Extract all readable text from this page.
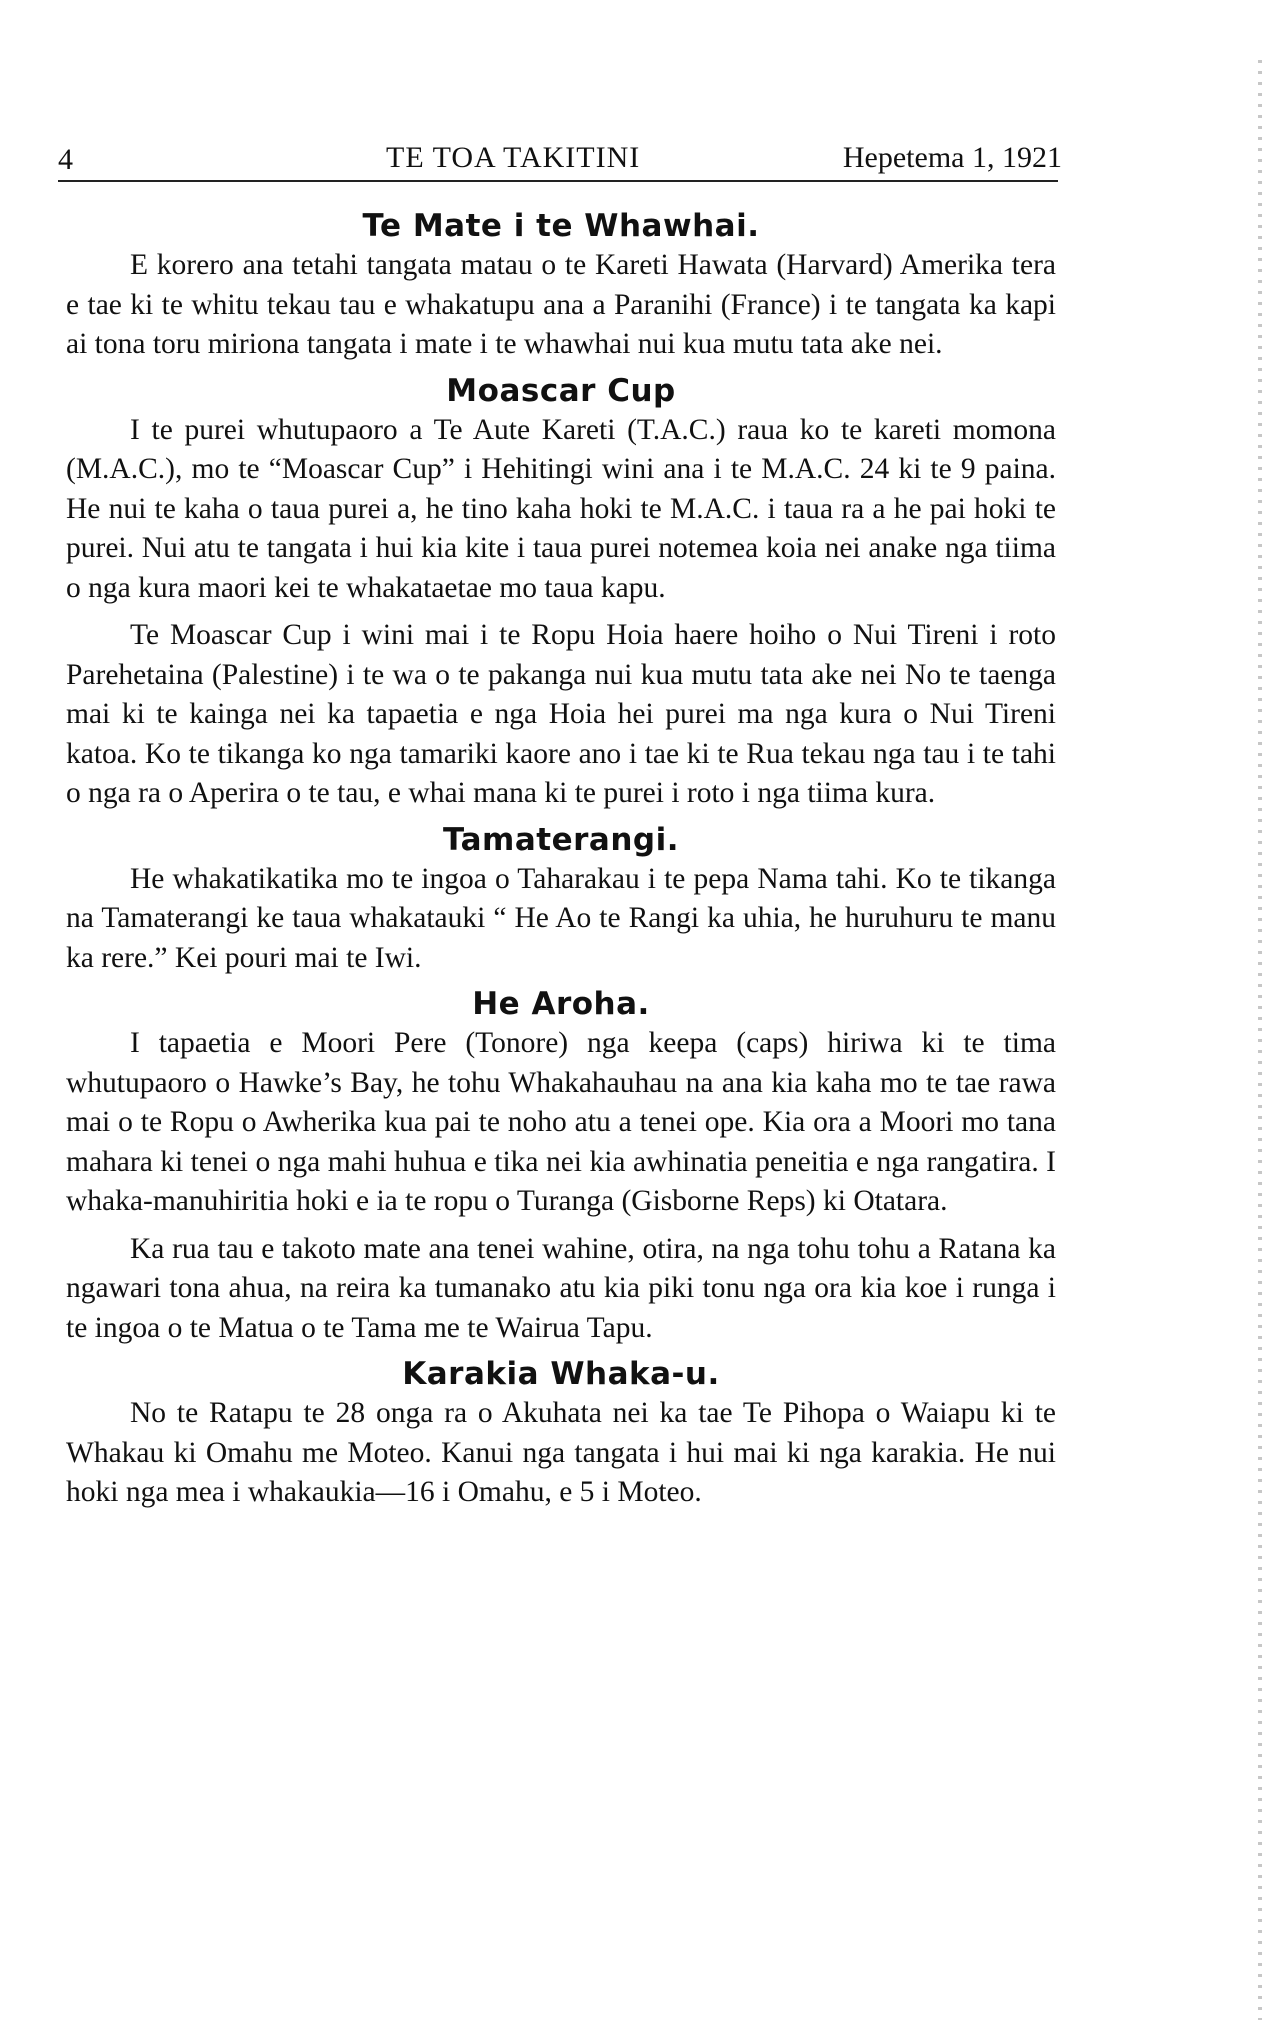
4	TE TOA TAKITINI	Hepetema 1, 1921
Te Mate i te Whawhai.

E korero ana tetahi tangata matau o te Kareti Hawata (Harvard) Amerika tera e tae ki te whitu tekau tau e whakatupu ana a Paranihi (France) i te tangata ka kapi ai tona toru miriona tangata i mate i te whawhai nui kua mutu tata ake nei.

Moascar Cup

I te purei whutupaoro a Te Aute Kareti (T.A.C.) raua ko te kareti momona (M.A.C.), mo te “Moascar Cup” i Hehitingi wini ana i te M.A.C. 24 ki te 9 paina. He nui te kaha o taua purei a, he tino kaha hoki te M.A.C. i taua ra a he pai hoki te purei. Nui atu te tangata i hui kia kite i taua purei notemea koia nei anake nga tiima o nga kura maori kei te whakataetae mo taua kapu.

Te Moascar Cup i wini mai i te Ropu Hoia haere hoiho o Nui Tireni i roto Parehetaina (Palestine) i te wa o te pakanga nui kua mutu tata ake nei No te taenga mai ki te kainga nei ka tapaetia e nga Hoia hei purei ma nga kura o Nui Tireni katoa. Ko te tikanga ko nga tamariki kaore ano i tae ki te Rua tekau nga tau i te tahi o nga ra o Aperira o te tau, e whai mana ki te purei i roto i nga tiima kura.

Tamaterangi.

He whakatikatika mo te ingoa o Taharakau i te pepa Nama tahi. Ko te tikanga na Tamaterangi ke taua whakatauki “ He Ao te Rangi ka uhia, he huruhuru te manu ka rere.” Kei pouri mai te Iwi.

He Aroha.

I tapaetia e Moori Pere (Tonore) nga keepa (caps) hiriwa ki te tima whutupaoro o Hawke’s Bay, he tohu Whakahauhau na ana kia kaha mo te tae rawa mai o te Ropu o Awherika kua pai te noho atu a tenei ope. Kia ora a Moori mo tana mahara ki tenei o nga mahi huhua e tika nei kia awhinatia peneitia e nga rangatira. I whaka-manuhiritia hoki e ia te ropu o Turanga (Gisborne Reps) ki Otatara.

Ka rua tau e takoto mate ana tenei wahine, otira, na nga tohu tohu a Ratana ka ngawari tona ahua, na reira ka tumanako atu kia piki tonu nga ora kia koe i runga i te ingoa o te Matua o te Tama me te Wairua Tapu.

Karakia Whaka-u.

No te Ratapu te 28 onga ra o Akuhata nei ka tae Te Pihopa o Waiapu ki te Whakau ki Omahu me Moteo. Kanui nga tangata i hui mai ki nga karakia. He nui hoki nga mea i whakaukia—16 i Omahu, e 5 i Moteo.
